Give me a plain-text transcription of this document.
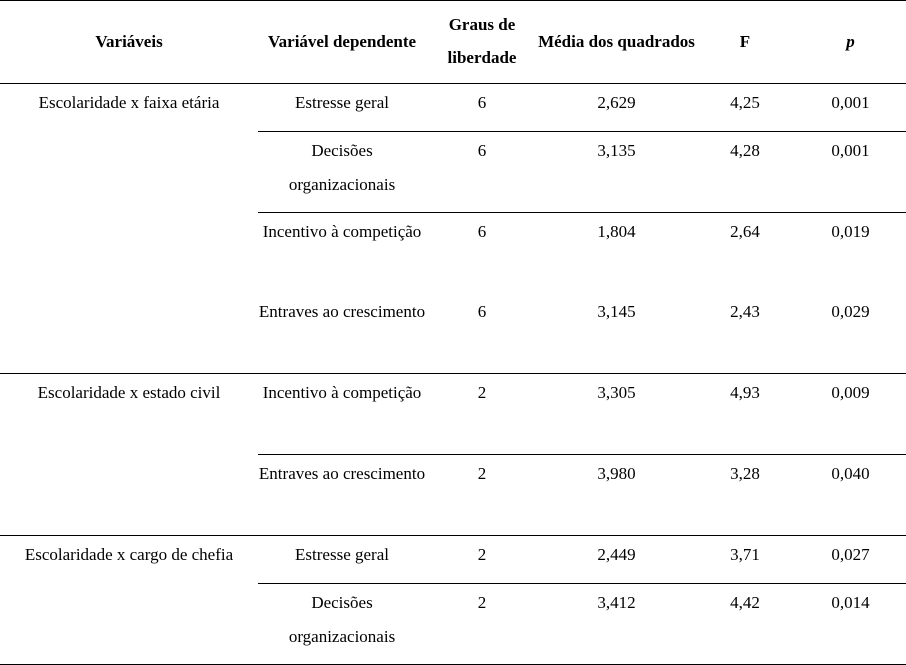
Variáveis	Variável dependente	Graus de liberdade	Média dos quadrados	F	p

Escolaridade x faixa etária	Estresse geral	6	2,629	4,25	0,001

	Decisões organizacionais	6	3,135	4,28	0,001

	Incentivo à competição	6	1,804	2,64	0,019

	Entraves ao crescimento	6	3,145	2,43	0,029

Escolaridade x estado civil	Incentivo à competição	2	3,305	4,93	0,009

	Entraves ao crescimento	2	3,980	3,28	0,040

Escolaridade x cargo de chefia	Estresse geral	2	2,449	3,71	0,027

	Decisões organizacionais	2	3,412	4,42	0,014
